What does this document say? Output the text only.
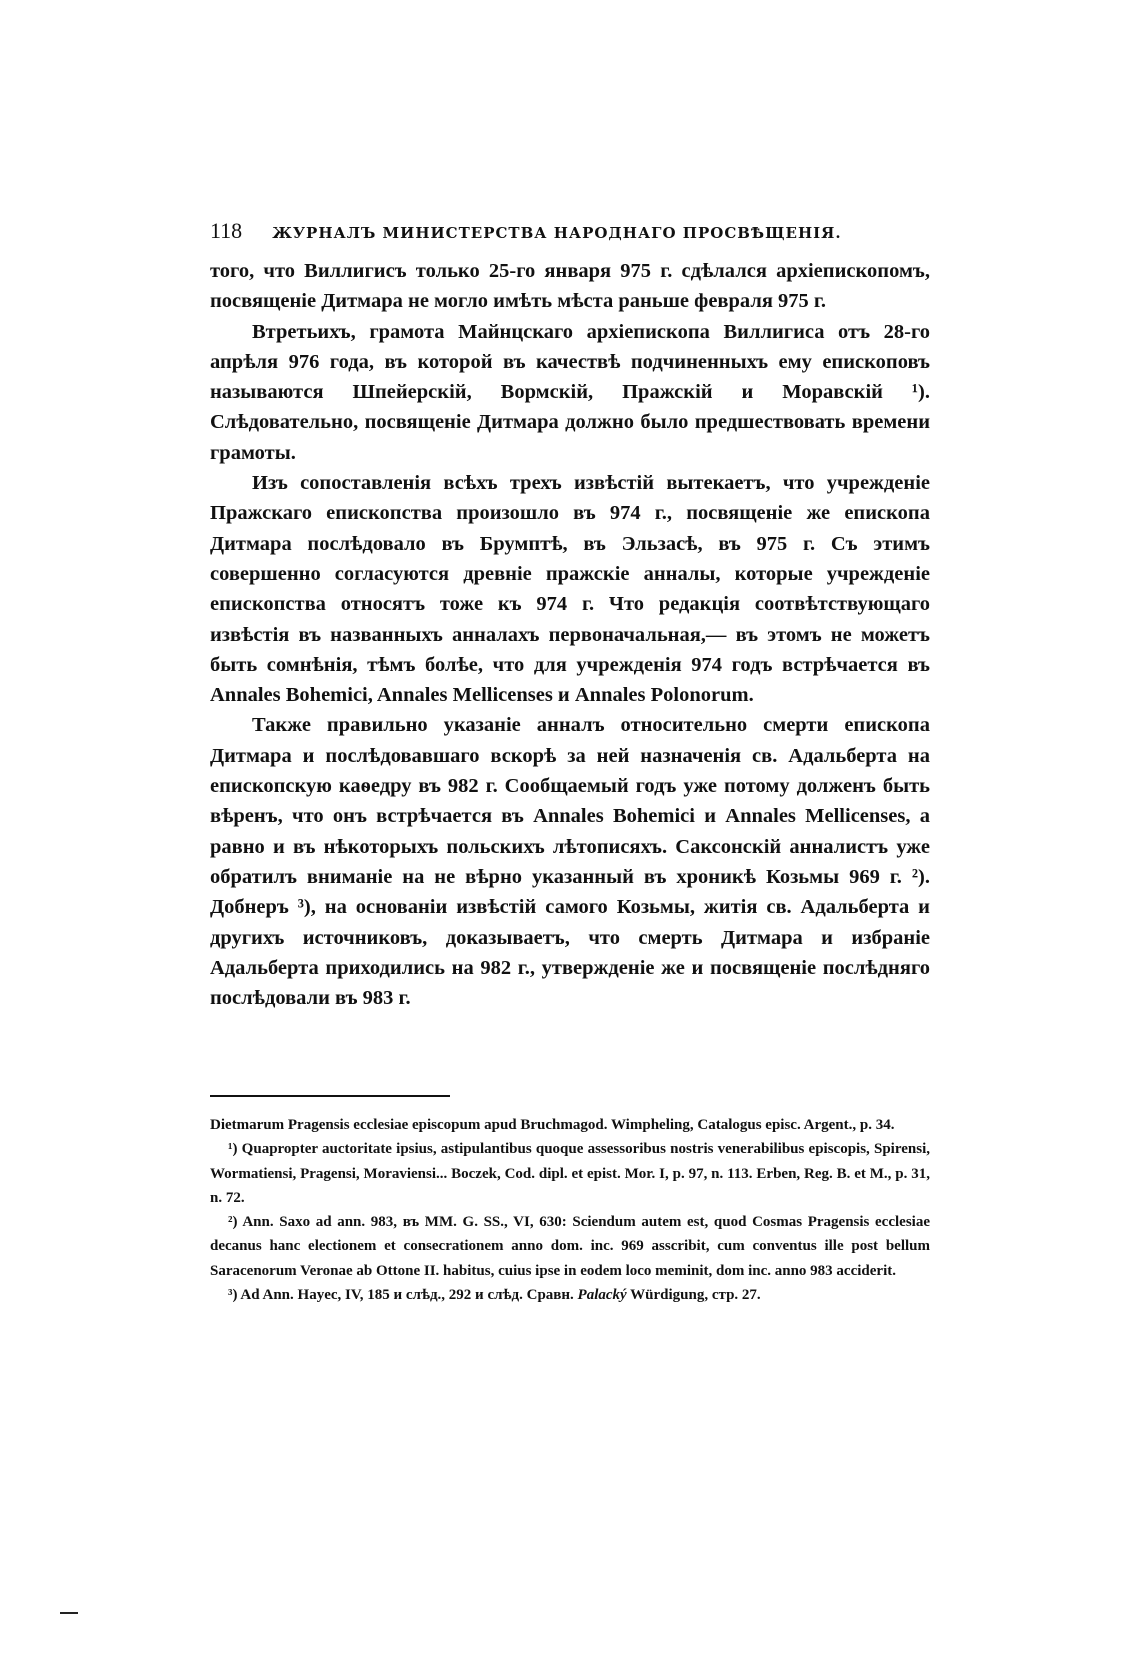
118 ЖУРНАЛЪ МИНИСТЕРСТВА НАРОДНАГО ПРОСВѢЩЕНІЯ.

того, что Виллигисъ только 25-го января 975 г. сдѣлался архіепископомъ, посвященіе Дитмара не могло имѣть мѣста раньше февраля 975 г.

Втретьихъ, грамота Майнцскаго архіепископа Виллигиса отъ 28-го апрѣля 976 года, въ которой въ качествѣ подчиненныхъ ему епископовъ называются Шпейерскій, Вормскій, Пражскій и Моравскій ¹). Слѣдовательно, посвященіе Дитмара должно было предшествовать времени грамоты.

Изъ сопоставленія всѣхъ трехъ извѣстій вытекаетъ, что учрежденіе Пражскаго епископства произошло въ 974 г., посвященіе же епископа Дитмара послѣдовало въ Брумптѣ, въ Эльзасѣ, въ 975 г. Съ этимъ совершенно согласуются древніе пражскіе анналы, которые учрежденіе епископства относятъ тоже къ 974 г. Что редакція соотвѣтствующаго извѣстія въ названныхъ анналахъ первоначальная,— въ этомъ не можетъ быть сомнѣнія, тѣмъ болѣе, что для учрежденія 974 годъ встрѣчается въ Annales Bohemici, Annales Mellicenses и Annales Polonorum.

Также правильно указаніе анналъ относительно смерти епископа Дитмара и послѣдовавшаго вскорѣ за ней назначенія св. Адальберта на епископскую каѳедру въ 982 г. Сообщаемый годъ уже потому долженъ быть вѣренъ, что онъ встрѣчается въ Annales Bohemici и Annales Mellicenses, а равно и въ нѣкоторыхъ польскихъ лѣтописяхъ. Саксонскій анналистъ уже обратилъ вниманіе на не вѣрно указанный въ хроникѣ Козьмы 969 г. ²). Добнеръ ³), на основаніи извѣстій самого Козьмы, житія св. Адальберта и другихъ источниковъ, доказываетъ, что смерть Дитмара и избраніе Адальберта приходились на 982 г., утвержденіе же и посвященіе послѣдняго послѣдовали въ 983 г.

Dietmarum Pragensis ecclesiae episcopum apud Bruchmagod. Wimpheling, Catalogus episc. Argent., p. 34.

¹) Quapropter auctoritate ipsius, astipulantibus quoque assessoribus nostris venerabilibus episcopis, Spirensi, Wormatiensi, Pragensi, Moraviensi... Boczek, Cod. dipl. et epist. Mor. I, p. 97, n. 113. Erben, Reg. B. et M., p. 31, n. 72.

²) Ann. Saxo ad ann. 983, въ MM. G. SS., VI, 630: Sciendum autem est, quod Cosmas Pragensis ecclesiae decanus hanc electionem et consecrationem anno dom. inc. 969 asscribit, cum conventus ille post bellum Saracenorum Veronae ab Ottone II. habitus, cuius ipse in eodem loco meminit, dom inc. anno 983 acciderit.

³) Ad Ann. Hayec, IV, 185 и слѣд., 292 и слѣд. Сравн. Palacký Würdigung, стр. 27.
